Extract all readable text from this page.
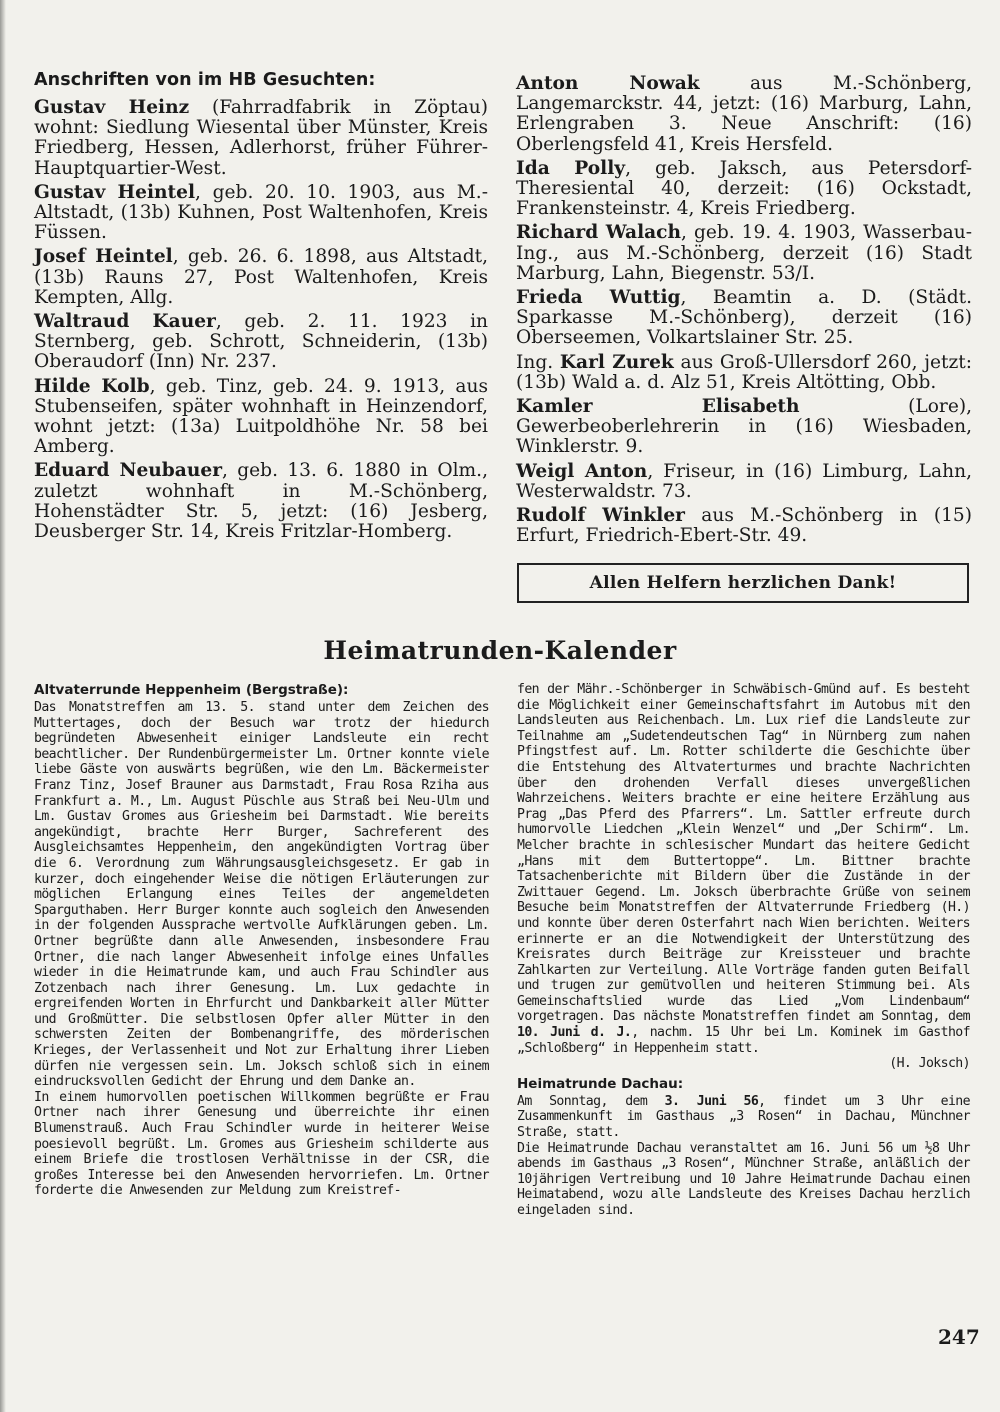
Anschriften von im HB Gesuchten:

Gustav Heinz (Fahrradfabrik in Zöptau) wohnt: Siedlung Wiesental über Münster, Kreis Friedberg, Hessen, Adlerhorst, früher Führer-Hauptquartier-West.

Gustav Heintel, geb. 20. 10. 1903, aus M.-Altstadt, (13b) Kuhnen, Post Waltenhofen, Kreis Füssen.

Josef Heintel, geb. 26. 6. 1898, aus Altstadt, (13b) Rauns 27, Post Waltenhofen, Kreis Kempten, Allg.

Waltraud Kauer, geb. 2. 11. 1923 in Sternberg, geb. Schrott, Schneiderin, (13b) Oberaudorf (Inn) Nr. 237.

Hilde Kolb, geb. Tinz, geb. 24. 9. 1913, aus Stubenseifen, später wohnhaft in Heinzendorf, wohnt jetzt: (13a) Luitpoldhöhe Nr. 58 bei Amberg.

Eduard Neubauer, geb. 13. 6. 1880 in Olm., zuletzt wohnhaft in M.-Schönberg, Hohenstädter Str. 5, jetzt: (16) Jesberg, Deusberger Str. 14, Kreis Fritzlar-Homberg.

Anton Nowak aus M.-Schönberg, Langemarckstr. 44, jetzt: (16) Marburg, Lahn, Erlengraben 3. Neue Anschrift: (16) Oberlengsfeld 41, Kreis Hersfeld.

Ida Polly, geb. Jaksch, aus Petersdorf-Theresiental 40, derzeit: (16) Ockstadt, Frankensteinstr. 4, Kreis Friedberg.

Richard Walach, geb. 19. 4. 1903, Wasserbau-Ing., aus M.-Schönberg, derzeit (16) Stadt Marburg, Lahn, Biegenstr. 53/I.

Frieda Wuttig, Beamtin a. D. (Städt. Sparkasse M.-Schönberg), derzeit (16) Oberseemen, Volkartslainer Str. 25.

Ing. Karl Zurek aus Groß-Ullersdorf 260, jetzt: (13b) Wald a. d. Alz 51, Kreis Altötting, Obb.

Kamler Elisabeth (Lore), Gewerbeoberlehrerin in (16) Wiesbaden, Winklerstr. 9.

Weigl Anton, Friseur, in (16) Limburg, Lahn, Westerwaldstr. 73.

Rudolf Winkler aus M.-Schönberg in (15) Erfurt, Friedrich-Ebert-Str. 49.

Allen Helfern herzlichen Dank!
Heimatrunden-Kalender
Altvaterrunde Heppenheim (Bergstraße):

Das Monatstreffen am 13. 5. stand unter dem Zeichen des Muttertages, doch der Besuch war trotz der hiedurch begründeten Abwesenheit einiger Landsleute ein recht beachtlicher. Der Rundenbürgermeister Lm. Ortner konnte viele liebe Gäste von auswärts begrüßen, wie den Lm. Bäckermeister Franz Tinz, Josef Brauner aus Darmstadt, Frau Rosa Rziha aus Frankfurt a. M., Lm. August Püschle aus Straß bei Neu-Ulm und Lm. Gustav Gromes aus Griesheim bei Darmstadt. Wie bereits angekündigt, brachte Herr Burger, Sachreferent des Ausgleichsamtes Heppenheim, den angekündigten Vortrag über die 6. Verordnung zum Währungsausgleichsgesetz. Er gab in kurzer, doch eingehender Weise die nötigen Erläuterungen zur möglichen Erlangung eines Teiles der angemeldeten Sparguthaben. Herr Burger konnte auch sogleich den Anwesenden in der folgenden Aussprache wertvolle Aufklärungen geben. Lm. Ortner begrüßte dann alle Anwesenden, insbesondere Frau Ortner, die nach langer Abwesenheit infolge eines Unfalles wieder in die Heimatrunde kam, und auch Frau Schindler aus Zotzenbach nach ihrer Genesung. Lm. Lux gedachte in ergreifenden Worten in Ehrfurcht und Dankbarkeit aller Mütter und Großmütter. Die selbstlosen Opfer aller Mütter in den schwersten Zeiten der Bombenangriffe, des mörderischen Krieges, der Verlassenheit und Not zur Erhaltung ihrer Lieben dürfen nie vergessen sein. Lm. Joksch schloß sich in einem eindrucksvollen Gedicht der Ehrung und dem Danke an.

In einem humorvollen poetischen Willkommen begrüßte er Frau Ortner nach ihrer Genesung und überreichte ihr einen Blumenstrauß. Auch Frau Schindler wurde in heiterer Weise poesievoll begrüßt. Lm. Gromes aus Griesheim schilderte aus einem Briefe die trostlosen Verhältnisse in der CSR, die großes Interesse bei den Anwesenden hervorriefen. Lm. Ortner forderte die Anwesenden zur Meldung zum Kreistref-

fen der Mähr.-Schönberger in Schwäbisch-Gmünd auf. Es besteht die Möglichkeit einer Gemeinschaftsfahrt im Autobus mit den Landsleuten aus Reichenbach. Lm. Lux rief die Landsleute zur Teilnahme am „Sudetendeutschen Tag“ in Nürnberg zum nahen Pfingstfest auf. Lm. Rotter schilderte die Geschichte über die Entstehung des Altvaterturmes und brachte Nachrichten über den drohenden Verfall dieses unvergeßlichen Wahrzeichens. Weiters brachte er eine heitere Erzählung aus Prag „Das Pferd des Pfarrers“. Lm. Sattler erfreute durch humorvolle Liedchen „Klein Wenzel“ und „Der Schirm“. Lm. Melcher brachte in schlesischer Mundart das heitere Gedicht „Hans mit dem Buttertoppe“. Lm. Bittner brachte Tatsachenberichte mit Bildern über die Zustände in der Zwittauer Gegend. Lm. Joksch überbrachte Grüße von seinem Besuche beim Monatstreffen der Altvaterrunde Friedberg (H.) und konnte über deren Osterfahrt nach Wien berichten. Weiters erinnerte er an die Notwendigkeit der Unterstützung des Kreisrates durch Beiträge zur Kreissteuer und brachte Zahlkarten zur Verteilung. Alle Vorträge fanden guten Beifall und trugen zur gemütvollen und heiteren Stimmung bei. Als Gemeinschaftslied wurde das Lied „Vom Lindenbaum“ vorgetragen. Das nächste Monatstreffen findet am Sonntag, dem 10. Juni d. J., nachm. 15 Uhr bei Lm. Kominek im Gasthof „Schloßberg“ in Heppenheim statt.

(H. Joksch)

Heimatrunde Dachau:

Am Sonntag, dem 3. Juni 56, findet um 3 Uhr eine Zusammenkunft im Gasthaus „3 Rosen“ in Dachau, Münchner Straße, statt.

Die Heimatrunde Dachau veranstaltet am 16. Juni 56 um ½8 Uhr abends im Gasthaus „3 Rosen“, Münchner Straße, anläßlich der 10jährigen Vertreibung und 10 Jahre Heimatrunde Dachau einen Heimatabend, wozu alle Landsleute des Kreises Dachau herzlich eingeladen sind.

247
